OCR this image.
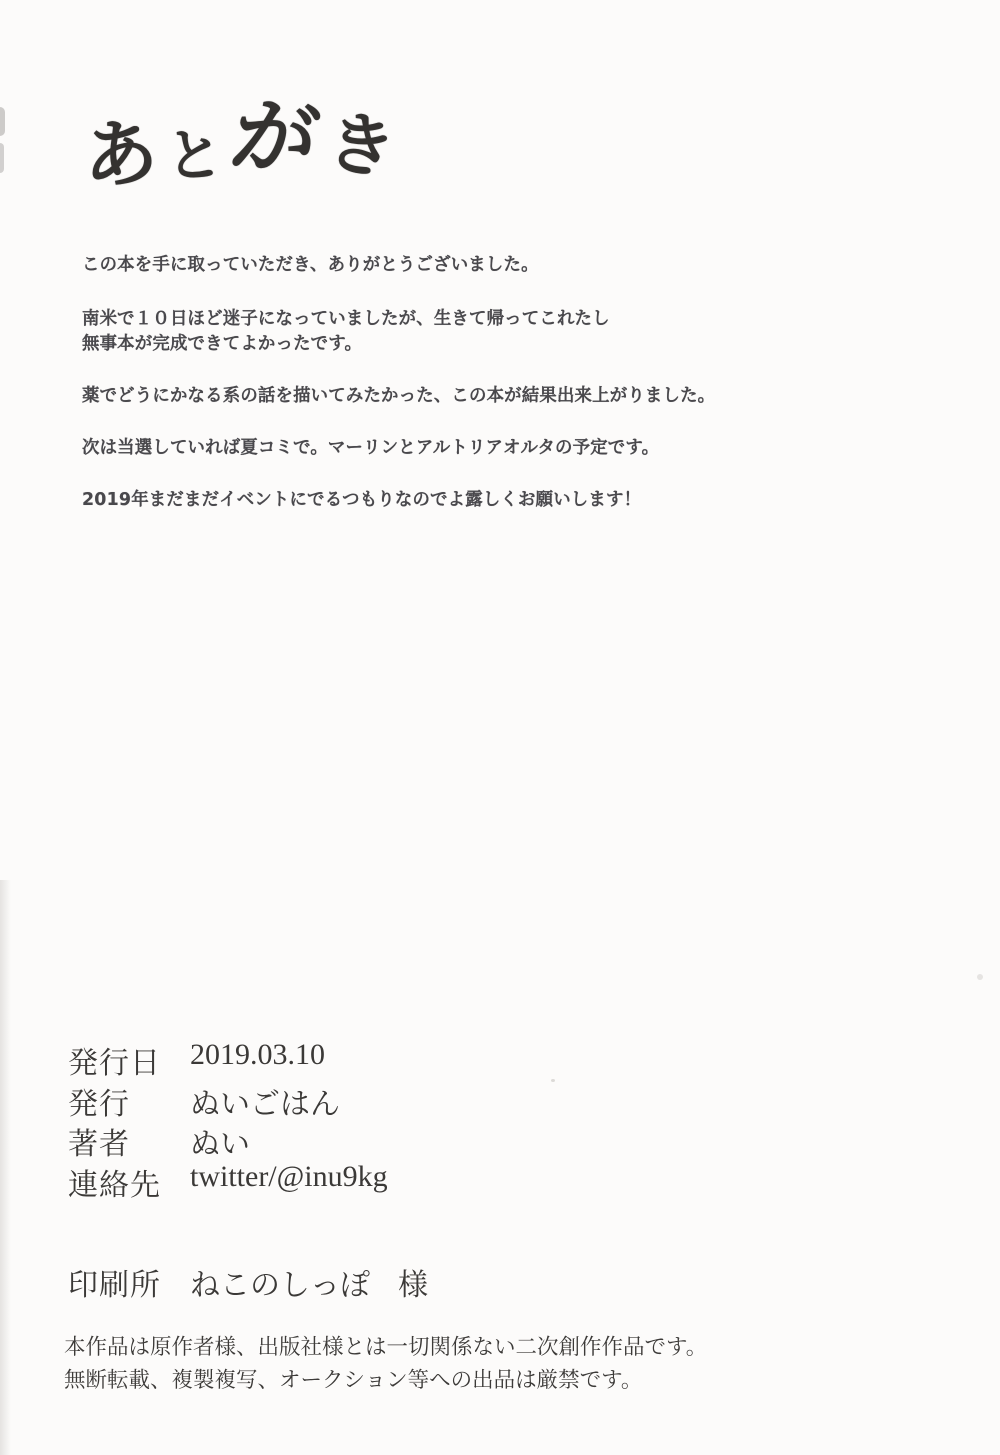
あ と が
き

この本を手に取っていただき、ありがとうございました。

南米で１０日ほど迷子になっていましたが、生きて帰ってこれたし

無事本が完成できてよかったです。

薬でどうにかなる系の話を描いてみたかった、この本が結果出来上がりました。

次は当選していれば夏コミで。マーリンとアルトリアオルタの予定です。

2019年まだまだイベントにでるつもりなのでよ露しくお願いします！

発行日 2019.03.10
発行	ぬいごはん
著者	ぬい
連絡先 twitter/@inu9kg
印刷所 ねこのしっぽ 様

本作品は原作者様、出版社様とは一切関係ない二次創作作品です。

無断転載、複製複写、オークション等への出品は厳禁です。
